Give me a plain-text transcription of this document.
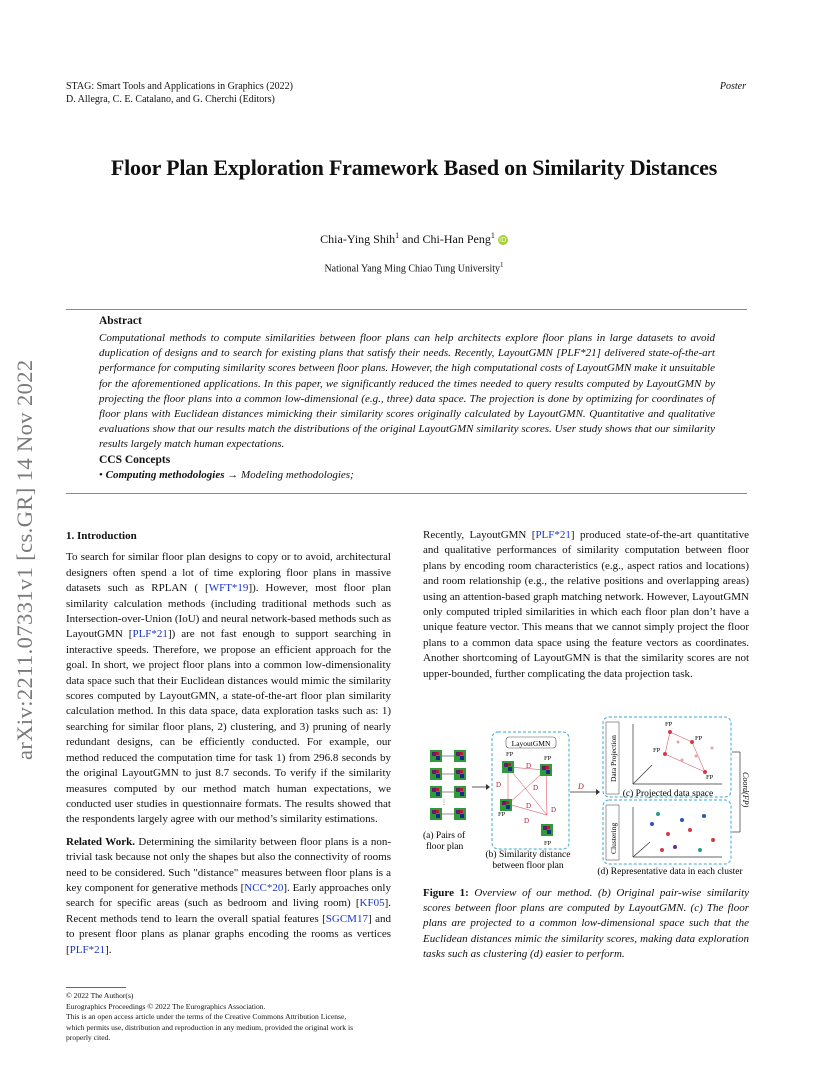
STAG: Smart Tools and Applications in Graphics (2022)
D. Allegra, C. E. Catalano, and G. Cherchi (Editors)
Poster
arXiv:2211.07331v1 [cs.GR] 14 Nov 2022
Floor Plan Exploration Framework Based on Similarity Distances
Chia-Ying Shih$^1$ and Chi-Han Peng$^1$ iD
National Yang Ming Chiao Tung University$^1$
Abstract
Computational methods to compute similarities between floor plans can help architects explore floor plans in large datasets to avoid duplication of designs and to search for existing plans that satisfy their needs. Recently, LayoutGMN [PLF*21] delivered state-of-the-art performance for computing similarity scores between floor plans. However, the high computational costs of LayoutGMN make it unsuitable for the aforementioned applications. In this paper, we significantly reduced the times needed to query results computed by LayoutGMN by projecting the floor plans into a common low-dimensional (e.g., three) data space. The projection is done by optimizing for coordinates of floor plans with Euclidean distances mimicking their similarity scores originally calculated by LayoutGMN. Quantitative and qualitative evaluations show that our results match the distributions of the original LayoutGMN similarity scores. User study shows that our similarity results largely match human expectations.
CCS Concepts
• Computing methodologies → Modeling methodologies;
1. Introduction

To search for similar floor plan designs to copy or to avoid, architectural designers often spend a lot of time exploring floor plans in massive datasets such as RPLAN ( [WFT*19]). However, most floor plan similarity calculation methods (including traditional methods such as Intersection-over-Union (IoU) and neural network-based methods such as LayoutGMN [PLF*21]) are not fast enough to support searching in interactive speeds. Therefore, we propose an efficient approach for the goal. In short, we project floor plans into a common low-dimensionality data space such that their Euclidean distances would mimic the similarity scores computed by LayoutGMN, a state-of-the-art floor plan similarity calculation method. In this data space, data exploration tasks such as: 1) searching for similar floor plans, 2) clustering, and 3) pruning of nearly redundant designs, can be efficiently conducted. For example, our method reduced the computation time for task 1) from 296.8 seconds by the original LayoutGMN to just 8.7 seconds. To verify if the similarity measures computed by our method match human expectations, we conducted user studies in questionnaire formats. The results showed that the respondents largely agree with our method’s similarity estimations.

Related Work. Determining the similarity between floor plans is a non-trivial task because not only the shapes but also the connectivity of rooms need to be considered. Such "distance" measures between floor plans is a key component for generative methods [NCC*20]. Early approaches only search for specific areas (such as bedroom and living room) [KF05]. Recent methods tend to learn the overall spatial features [SGCM17] and to present floor plans as planar graphs encoding the rooms as vertices [PLF*21].

Recently, LayoutGMN [PLF*21] produced state-of-the-art quantitative and qualitative performances of similarity computation between floor plans by encoding room characteristics (e.g., aspect ratios and locations) and room relationship (e.g., the relative positions and overlapping areas) using an attention-based graph matching network. However, LayoutGMN only computed tripled similarities in which each floor plan don’t have a unique feature vector. This means that we cannot simply project the floor plans to a common data space using the feature vectors as coordinates. Another shortcoming of LayoutGMN is that the similarity scores are not upper-bounded, further complicating the data projection task.

⋮
(a) Pairs of
floor plan
LayoutGMN
FP
FP
FP
FP
D
D	D
D	D
D
(b) Similarity distance
between floor plan
D
Data Projection
FP
FP
FP
FP
(c) Projected data space	Coord(FP)
Clustering
(d) Representative data in each cluster
Figure 1: Overview of our method. (b) Original pair-wise similarity scores between floor plans are computed by LayoutGMN. (c) The floor plans are projected to a common low-dimensional space such that the Euclidean distances mimic the similarity scores, making data exploration tasks such as clustering (d) easier to perform.
© 2022 The Author(s)
Eurographics Proceedings © 2022 The Eurographics Association.
This is an open access article under the terms of the Creative Commons Attribution License, which permits use, distribution and reproduction in any medium, provided the original work is properly cited.
